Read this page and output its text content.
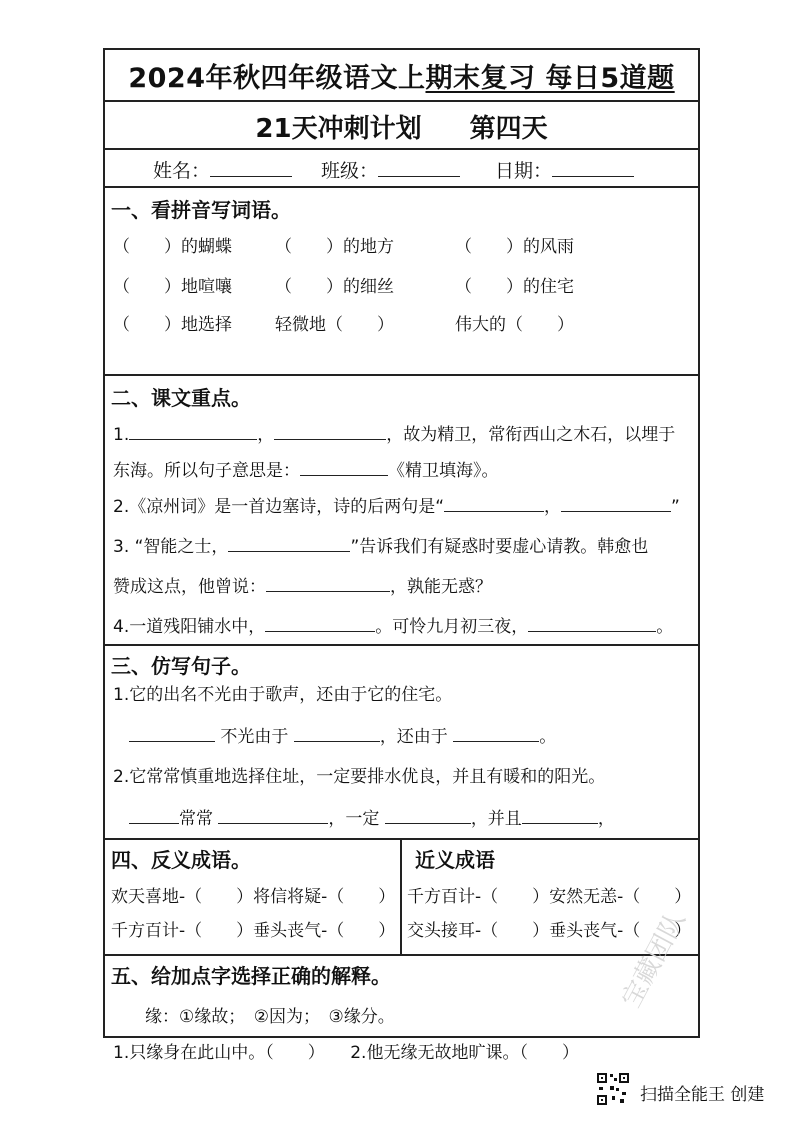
2024年秋四年级语文上期末复习 每日5道题
21天冲刺计划 第四天
姓名：	班级：	日期：
一、看拼音写词语。
（　　）的蝴蝶	（　　）的地方	（　　）的风雨
（　　）地喧嚷	（　　）的细丝	（　　）的住宅
（　　）地选择	轻微地（　　）	伟大的（　　）
二、课文重点。
1.	，	，故为精卫，常衔西山之木石，以埋于
东海。所以句子意思是：	《精卫填海》。
2.《凉州词》是一首边塞诗，诗的后两句是“	，	”
3. “智能之士，	”告诉我们有疑惑时要虚心请教。韩愈也
赞成这点，他曾说：	，孰能无惑？
4.一道残阳铺水中，	。可怜九月初三夜，	。
三、仿写句子。
1.它的出名不光由于歌声，还由于它的住宅。
不光由于	，还由于	。
2.它常常慎重地选择住址，一定要排水优良，并且有暖和的阳光。
常常	，一定	，并且	，
四、反义成语。	近义成语
欢天喜地-（　　）将信将疑-（　　）
千方百计-（　　）垂头丧气-（　　）
千方百计-（　　）安然无恙-（　　）
交头接耳-（　　）垂头丧气-（　　）
五、给加点字选择正确的解释。
缘：①缘故；　②因为；　③缘分。
1.只缘身在此山中。（　　）　　2.他无缘无故地旷课。（　　）
宝藏团队
扫描全能王 创建
